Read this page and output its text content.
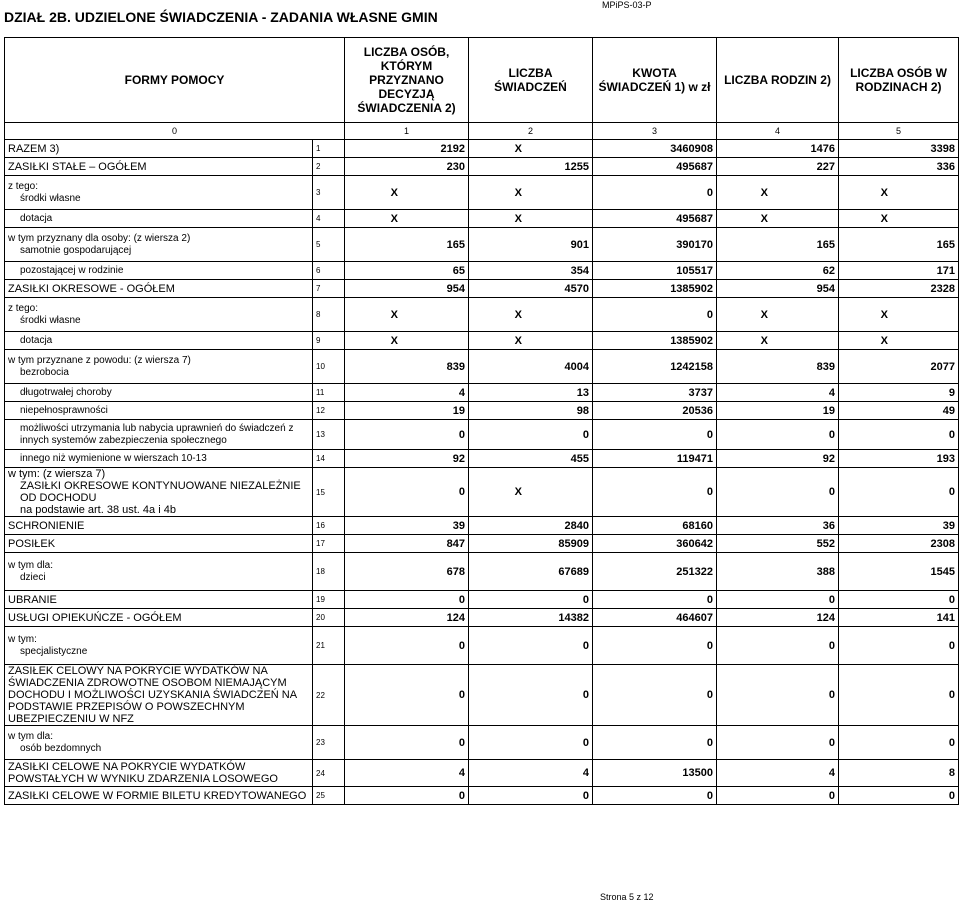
MPiPS-03-P
DZIAŁ 2B. UDZIELONE ŚWIADCZENIA - ZADANIA WŁASNE GMIN
FORMY POMOCY		LICZBA OSÓB, KTÓRYM PRZYZNANO DECYZJĄ ŚWIADCZENIA 2)	LICZBA ŚWIADCZEŃ	KWOTA ŚWIADCZEŃ 1) w zł	LICZBA RODZIN 2)	LICZBA OSÓB W RODZINACH 2)
0		1	2	3	4	5

RAZEM 3)	1	2192	X	3460908	1476	3398

ZASIŁKI STAŁE – OGÓŁEM	2	230	1255	495687	227	336

z tego:
środki własne	3	X	X	0	X	X

dotacja	4	X	X	495687	X	X

w tym przyznany dla osoby: (z wiersza 2)
samotnie gospodarującej	5	165	901	390170	165	165

pozostającej w rodzinie	6	65	354	105517	62	171

ZASIŁKI OKRESOWE - OGÓŁEM	7	954	4570	1385902	954	2328

z tego:
środki własne	8	X	X	0	X	X

dotacja	9	X	X	1385902	X	X

w tym przyznane z powodu: (z wiersza 7)
bezrobocia	10	839	4004	1242158	839	2077

długotrwałej choroby	11	4	13	3737	4	9

niepełnosprawności	12	19	98	20536	19	49

możliwości utrzymania lub nabycia uprawnień do świadczeń z innych systemów zabezpieczenia społecznego	13	0	0	0	0	0

innego niż wymienione w wierszach 10-13	14	92	455	119471	92	193

w tym: (z wiersza 7)
ZASIŁKI OKRESOWE KONTYNUOWANE NIEZALEŻNIE OD DOCHODU
na podstawie art. 38 ust. 4a i 4b	15	0	X	0	0	0

SCHRONIENIE	16	39	2840	68160	36	39

POSIŁEK	17	847	85909	360642	552	2308

w tym dla:
dzieci	18	678	67689	251322	388	1545

UBRANIE	19	0	0	0	0	0

USŁUGI OPIEKUŃCZE - OGÓŁEM	20	124	14382	464607	124	141

w tym:
specjalistyczne	21	0	0	0	0	0

ZASIŁEK CELOWY NA POKRYCIE WYDATKÓW NA ŚWIADCZENIA ZDROWOTNE OSOBOM NIEMAJĄCYM DOCHODU I MOŻLIWOŚCI UZYSKANIA ŚWIADCZEŃ NA PODSTAWIE PRZEPISÓW O POWSZECHNYM UBEZPIECZENIU W NFZ	22	0	0	0	0	0

w tym dla:
osób bezdomnych	23	0	0	0	0	0

ZASIŁKI CELOWE NA POKRYCIE WYDATKÓW POWSTAŁYCH W WYNIKU ZDARZENIA LOSOWEGO	24	4	4	13500	4	8

ZASIŁKI CELOWE W FORMIE BILETU KREDYTOWANEGO	25	0	0	0	0	0
Strona 5 z 12
